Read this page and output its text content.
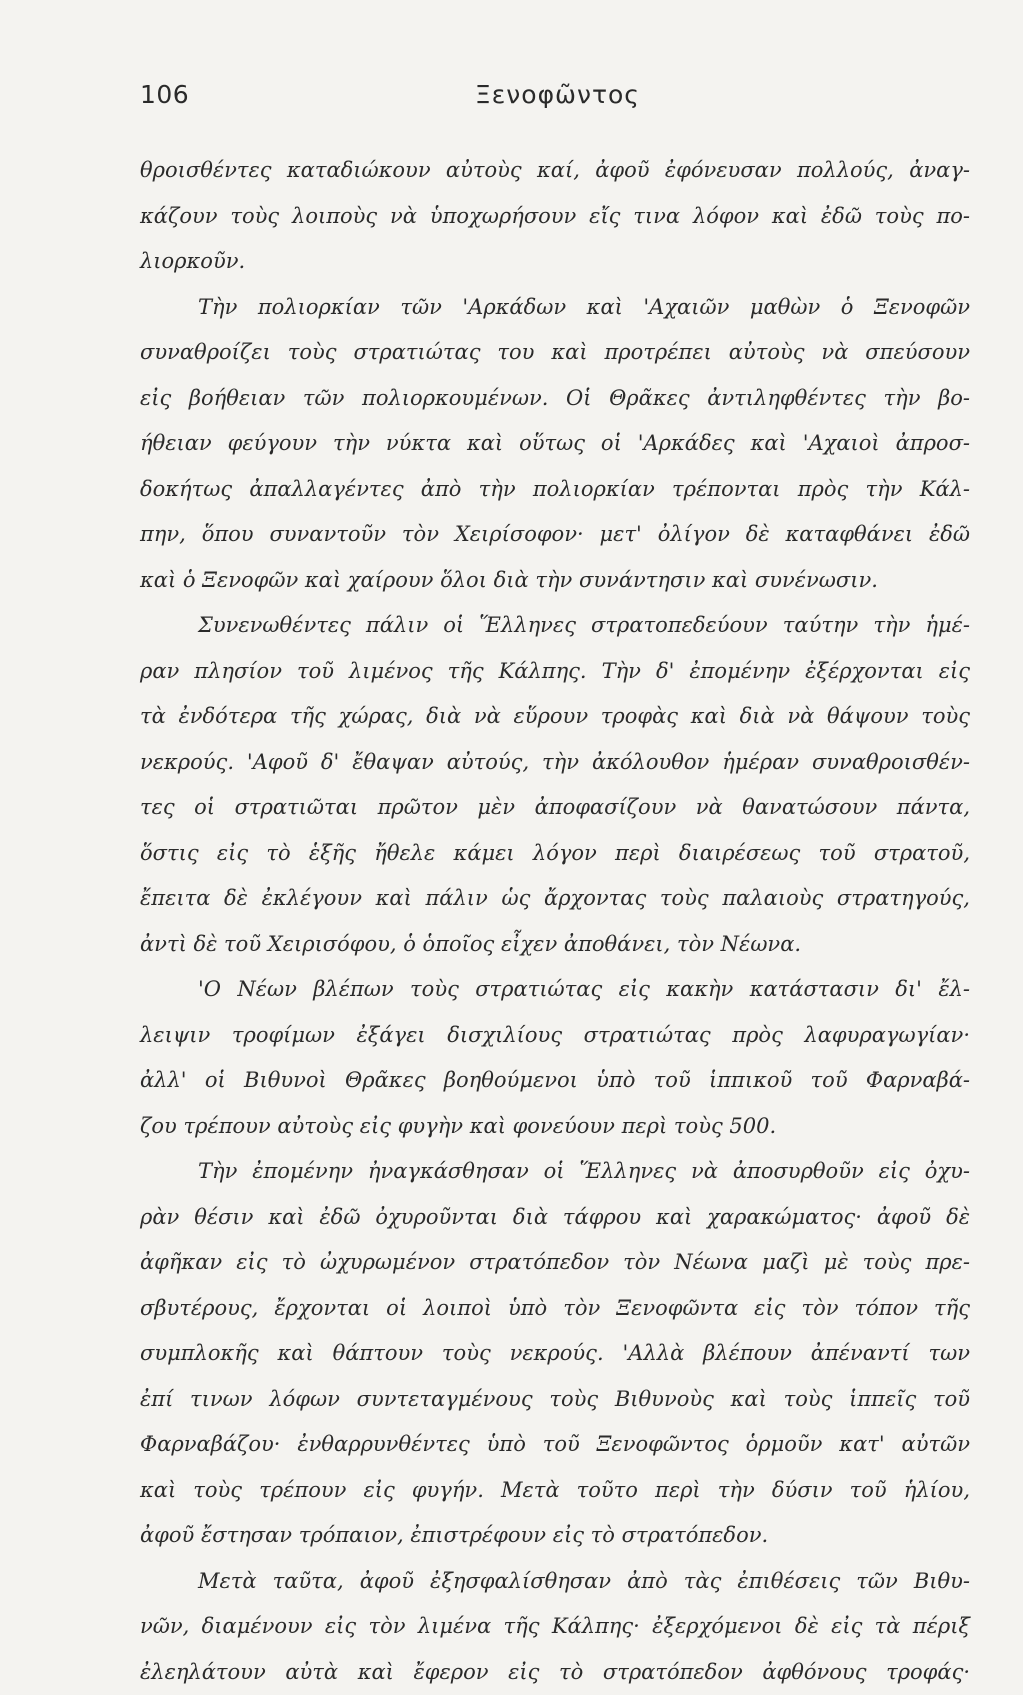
106	Ξενοφῶντος
θροισθέντες καταδιώκουν αὐτοὺς καί, ἀφοῦ ἐφόνευσαν πολλούς, ἀναγ-
κάζουν τοὺς λοιποὺς νὰ ὑποχωρήσουν εἴς τινα λόφον καὶ ἐδῶ τοὺς πο-
λιορκοῦν.
Τὴν πολιορκίαν τῶν 'Αρκάδων καὶ 'Αχαιῶν μαθὼν ὁ Ξενοφῶν
συναθροίζει τοὺς στρατιώτας του καὶ προτρέπει αὐτοὺς νὰ σπεύσουν
εἰς βοήθειαν τῶν πολιορκουμένων. Οἱ Θρᾶκες ἀντιληφθέντες τὴν βο-
ήθειαν φεύγουν τὴν νύκτα καὶ οὕτως οἱ 'Αρκάδες καὶ 'Αχαιοὶ ἀπροσ-
δοκήτως ἀπαλλαγέντες ἀπὸ τὴν πολιορκίαν τρέπονται πρὸς τὴν Κάλ-
πην, ὅπου συναντοῦν τὸν Χειρίσοφον· μετ' ὀλίγον δὲ καταφθάνει ἐδῶ
καὶ ὁ Ξενοφῶν καὶ χαίρουν ὅλοι διὰ τὴν συνάντησιν καὶ συνένωσιν.
Συνενωθέντες πάλιν οἱ Ἕλληνες στρατοπεδεύουν ταύτην τὴν ἡμέ-
ραν πλησίον τοῦ λιμένος τῆς Κάλπης. Τὴν δ' ἐπομένην ἐξέρχονται εἰς
τὰ ἐνδότερα τῆς χώρας, διὰ νὰ εὕρουν τροφὰς καὶ διὰ νὰ θάψουν τοὺς
νεκρούς. 'Αφοῦ δ' ἔθαψαν αὐτούς, τὴν ἀκόλουθον ἡμέραν συναθροισθέν-
τες οἱ στρατιῶται πρῶτον μὲν ἀποφασίζουν νὰ θανατώσουν πάντα,
ὅστις εἰς τὸ ἑξῆς ἤθελε κάμει λόγον περὶ διαιρέσεως τοῦ στρατοῦ,
ἔπειτα δὲ ἐκλέγουν καὶ πάλιν ὡς ἄρχοντας τοὺς παλαιοὺς στρατηγούς,
ἀντὶ δὲ τοῦ Χειρισόφου, ὁ ὁποῖος εἶχεν ἀποθάνει, τὸν Νέωνα.
'Ο Νέων βλέπων τοὺς στρατιώτας εἰς κακὴν κατάστασιν δι' ἔλ-
λειψιν τροφίμων ἐξάγει δισχιλίους στρατιώτας πρὸς λαφυραγωγίαν·
ἀλλ' οἱ Βιθυνοὶ Θρᾶκες βοηθούμενοι ὑπὸ τοῦ ἱππικοῦ τοῦ Φαρναβά-
ζου τρέπουν αὐτοὺς εἰς φυγὴν καὶ φονεύουν περὶ τοὺς 500.
Τὴν ἐπομένην ἠναγκάσθησαν οἱ Ἕλληνες νὰ ἀποσυρθοῦν εἰς ὀχυ-
ρὰν θέσιν καὶ ἐδῶ ὀχυροῦνται διὰ τάφρου καὶ χαρακώματος· ἀφοῦ δὲ
ἀφῆκαν εἰς τὸ ὠχυρωμένον στρατόπεδον τὸν Νέωνα μαζὶ μὲ τοὺς πρε-
σβυτέρους, ἔρχονται οἱ λοιποὶ ὑπὸ τὸν Ξενοφῶντα εἰς τὸν τόπον τῆς
συμπλοκῆς καὶ θάπτουν τοὺς νεκρούς. 'Αλλὰ βλέπουν ἀπέναντί των
ἐπί τινων λόφων συντεταγμένους τοὺς Βιθυνοὺς καὶ τοὺς ἱππεῖς τοῦ
Φαρναβάζου· ἐνθαρρυνθέντες ὑπὸ τοῦ Ξενοφῶντος ὁρμοῦν κατ' αὐτῶν
καὶ τοὺς τρέπουν εἰς φυγήν. Μετὰ τοῦτο περὶ τὴν δύσιν τοῦ ἡλίου,
ἀφοῦ ἔστησαν τρόπαιον, ἐπιστρέφουν εἰς τὸ στρατόπεδον.
Μετὰ ταῦτα, ἀφοῦ ἐξησφαλίσθησαν ἀπὸ τὰς ἐπιθέσεις τῶν Βιθυ-
νῶν, διαμένουν εἰς τὸν λιμένα τῆς Κάλπης· ἐξερχόμενοι δὲ εἰς τὰ πέριξ
ἐλεηλάτουν αὐτὰ καὶ ἔφερον εἰς τὸ στρατόπεδον ἀφθόνους τροφάς·
